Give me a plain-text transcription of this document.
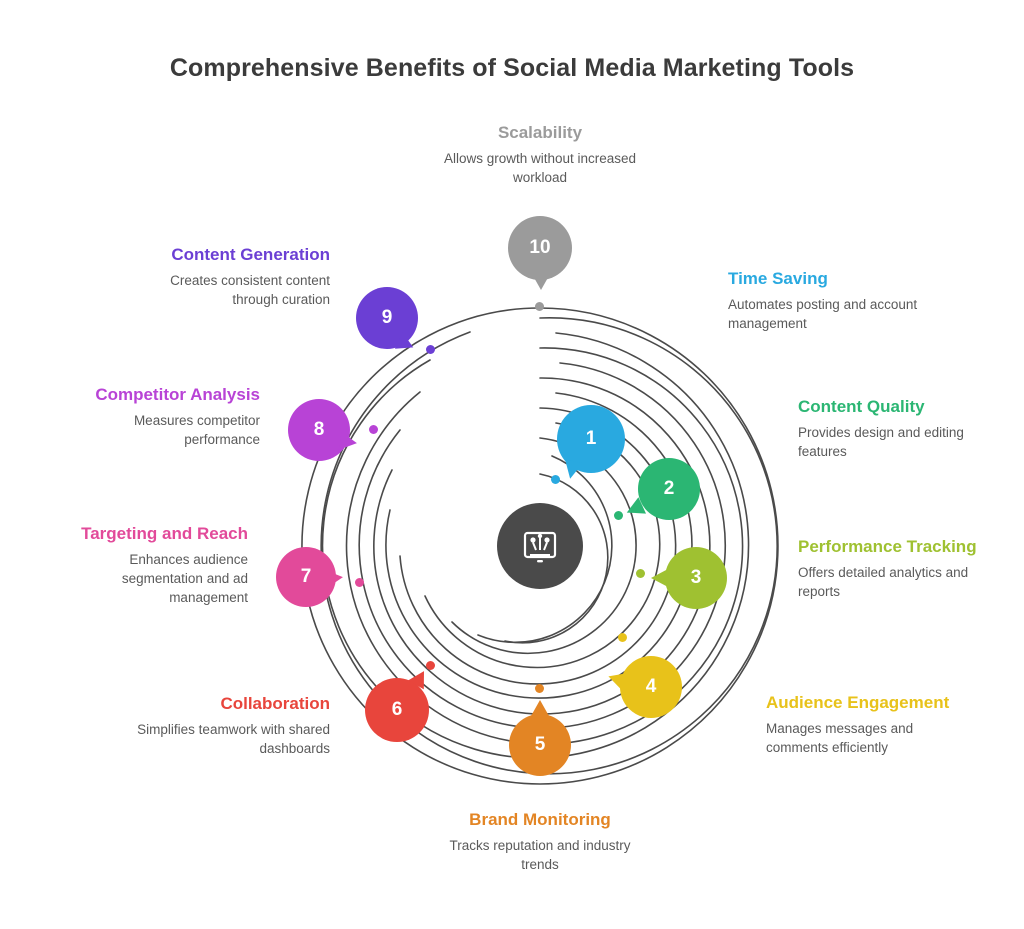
Comprehensive Benefits of Social Media Marketing Tools
10
9
8
7
6
5
4
3
2
1
Scalability
Allows growth without increased workload
Content Generation
Creates consistent content through curation
Competitor Analysis
Measures competitor performance
Targeting and Reach
Enhances audience segmentation and ad management
Collaboration
Simplifies teamwork with shared dashboards
Brand Monitoring
Tracks reputation and industry trends
Audience Engagement
Manages messages and comments efficiently
Performance Tracking
Offers detailed analytics and reports
Content Quality
Provides design and editing features
Time Saving
Automates posting and account management
